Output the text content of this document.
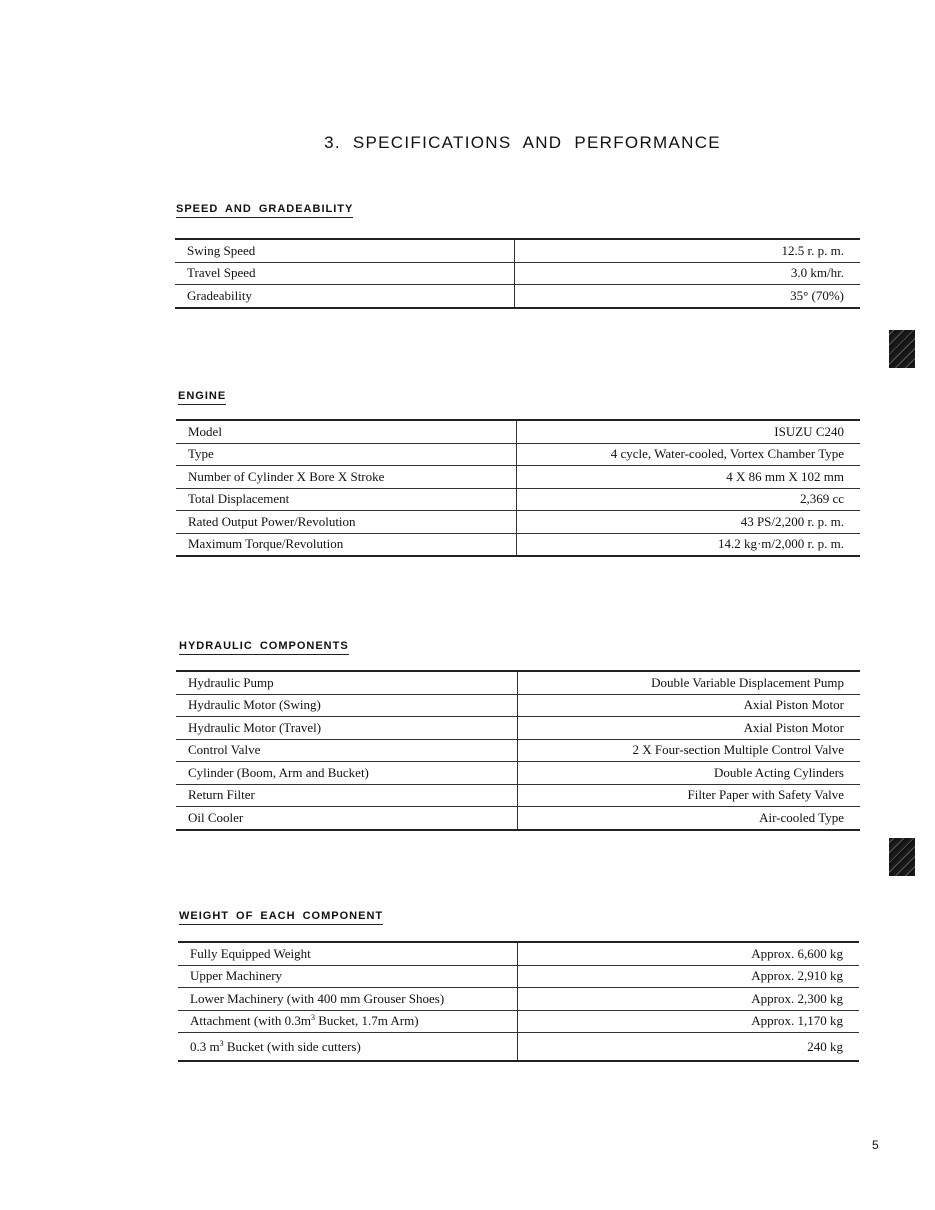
3. SPECIFICATIONS AND PERFORMANCE
SPEED AND GRADEABILITY
Swing Speed	12.5 r. p. m.
Travel Speed	3.0 km/hr.
Gradeability	35° (70%)
ENGINE
Model	ISUZU C240
Type	4 cycle, Water-cooled, Vortex Chamber Type
Number of Cylinder X Bore X Stroke	4 X 86 mm X 102 mm
Total Displacement	2,369 cc
Rated Output Power/Revolution	43 PS/2,200 r. p. m.
Maximum Torque/Revolution	14.2 kg·m/2,000 r. p. m.
HYDRAULIC COMPONENTS
Hydraulic Pump	Double Variable Displacement Pump
Hydraulic Motor (Swing)	Axial Piston Motor
Hydraulic Motor (Travel)	Axial Piston Motor
Control Valve	2 X Four-section Multiple Control Valve
Cylinder (Boom, Arm and Bucket)	Double Acting Cylinders
Return Filter	Filter Paper with Safety Valve
Oil Cooler	Air-cooled Type
WEIGHT OF EACH COMPONENT
Fully Equipped Weight	Approx. 6,600 kg
Upper Machinery	Approx. 2,910 kg
Lower Machinery (with 400 mm Grouser Shoes)	Approx. 2,300 kg
Attachment (with $0.3m^3$ Bucket, 1.7m Arm)	Approx. 1,170 kg
0.3 $m^3$ Bucket (with side cutters)	240 kg
5
